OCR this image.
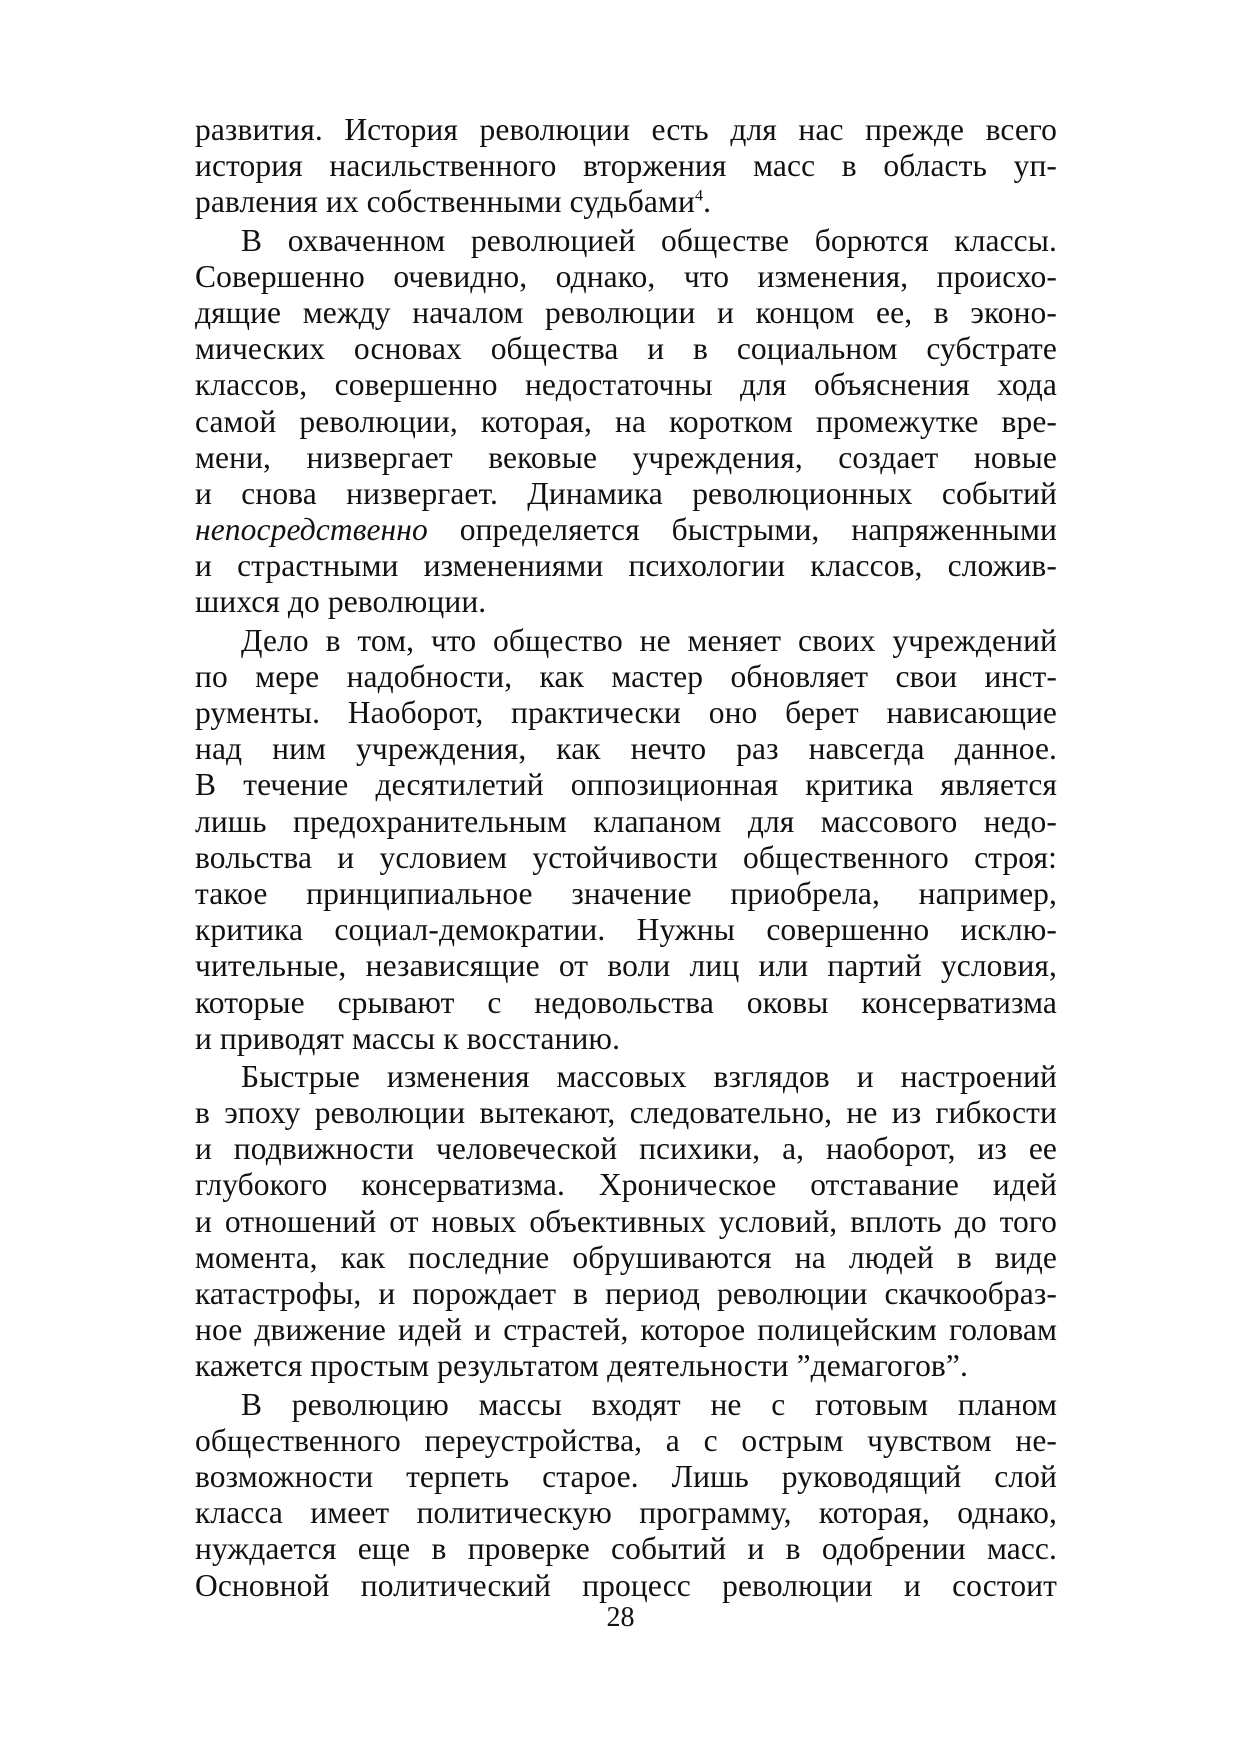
развития. История революции есть для нас прежде всего
история насильственного вторжения масс в область уп-
равления их собственными судьбами$^4$.

В охваченном революцией обществе борются классы.
Совершенно очевидно, однако, что изменения, происхо-
дящие между началом революции и концом ее, в эконо-
мических основах общества и в социальном субстрате
классов, совершенно недостаточны для объяснения хода
самой революции, которая, на коротком промежутке вре-
мени, низвергает вековые учреждения, создает новые
и снова низвергает. Динамика революционных событий
непосредственно определяется быстрыми, напряженными
и страстными изменениями психологии классов, сложив-
шихся до революции.

Дело в том, что общество не меняет своих учреждений
по мере надобности, как мастер обновляет свои инст-
рументы. Наоборот, практически оно берет нависающие
над ним учреждения, как нечто раз навсегда данное.
В течение десятилетий оппозиционная критика является
лишь предохранительным клапаном для массового недо-
вольства и условием устойчивости общественного строя:
такое принципиальное значение приобрела, например,
критика социал-демократии. Нужны совершенно исклю-
чительные, независящие от воли лиц или партий условия,
которые срывают с недовольства оковы консерватизма
и приводят массы к восстанию.

Быстрые изменения массовых взглядов и настроений
в эпоху революции вытекают, следовательно, не из гибкости
и подвижности человеческой психики, а, наоборот, из ее
глубокого консерватизма. Хроническое отставание идей
и отношений от новых объективных условий, вплоть до того
момента, как последние обрушиваются на людей в виде
катастрофы, и порождает в период революции скачкообраз-
ное движение идей и страстей, которое полицейским головам
кажется простым результатом деятельности ”демагогов”.

В революцию массы входят не с готовым планом
общественного переустройства, а с острым чувством не-
возможности терпеть старое. Лишь руководящий слой
класса имеет политическую программу, которая, однако,
нуждается еще в проверке событий и в одобрении масс.
Основной политический процесс революции и состоит

28
